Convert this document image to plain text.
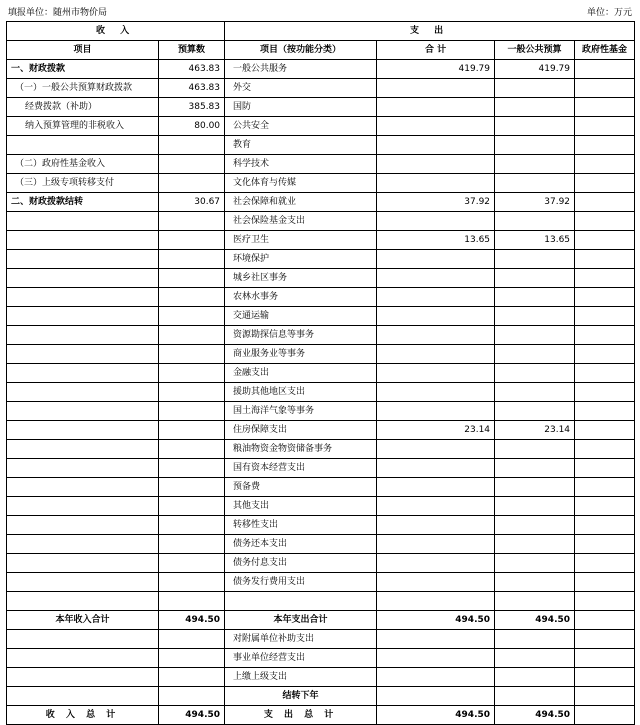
填报单位：随州市物价局	单位：万元
收 入		支 出			
项目	预算数	项目（按功能分类）	合 计	一般公共预算	政府性基金
一、财政拨款	463.83	一般公共服务	419.79	419.79	
（一）一般公共预算财政拨款	463.83	外交			
经费拨款（补助）	385.83	国防			
纳入预算管理的非税收入	80.00	公共安全			
		教育			
（二）政府性基金收入		科学技术			
（三）上级专项转移支付		文化体育与传媒			
二、财政拨款结转	30.67	社会保障和就业	37.92	37.92	
		社会保险基金支出			
		医疗卫生	13.65	13.65	
		环境保护			
		城乡社区事务			
		农林水事务			
		交通运输			
		资源勘探信息等事务			
		商业服务业等事务			
		金融支出			
		援助其他地区支出			
		国土海洋气象等事务			
		住房保障支出	23.14	23.14	
		粮油物资金物资储备事务			
		国有资本经营支出			
		预备费			
		其他支出			
		转移性支出			
		债务还本支出			
		债务付息支出			
		债务发行费用支出			

本年收入合计	494.50	本年支出合计	494.50	494.50	
		对附属单位补助支出			
		事业单位经营支出			
		上缴上级支出			
		结转下年			
收 入 总 计	494.50	支 出 总 计	494.50	494.50	
